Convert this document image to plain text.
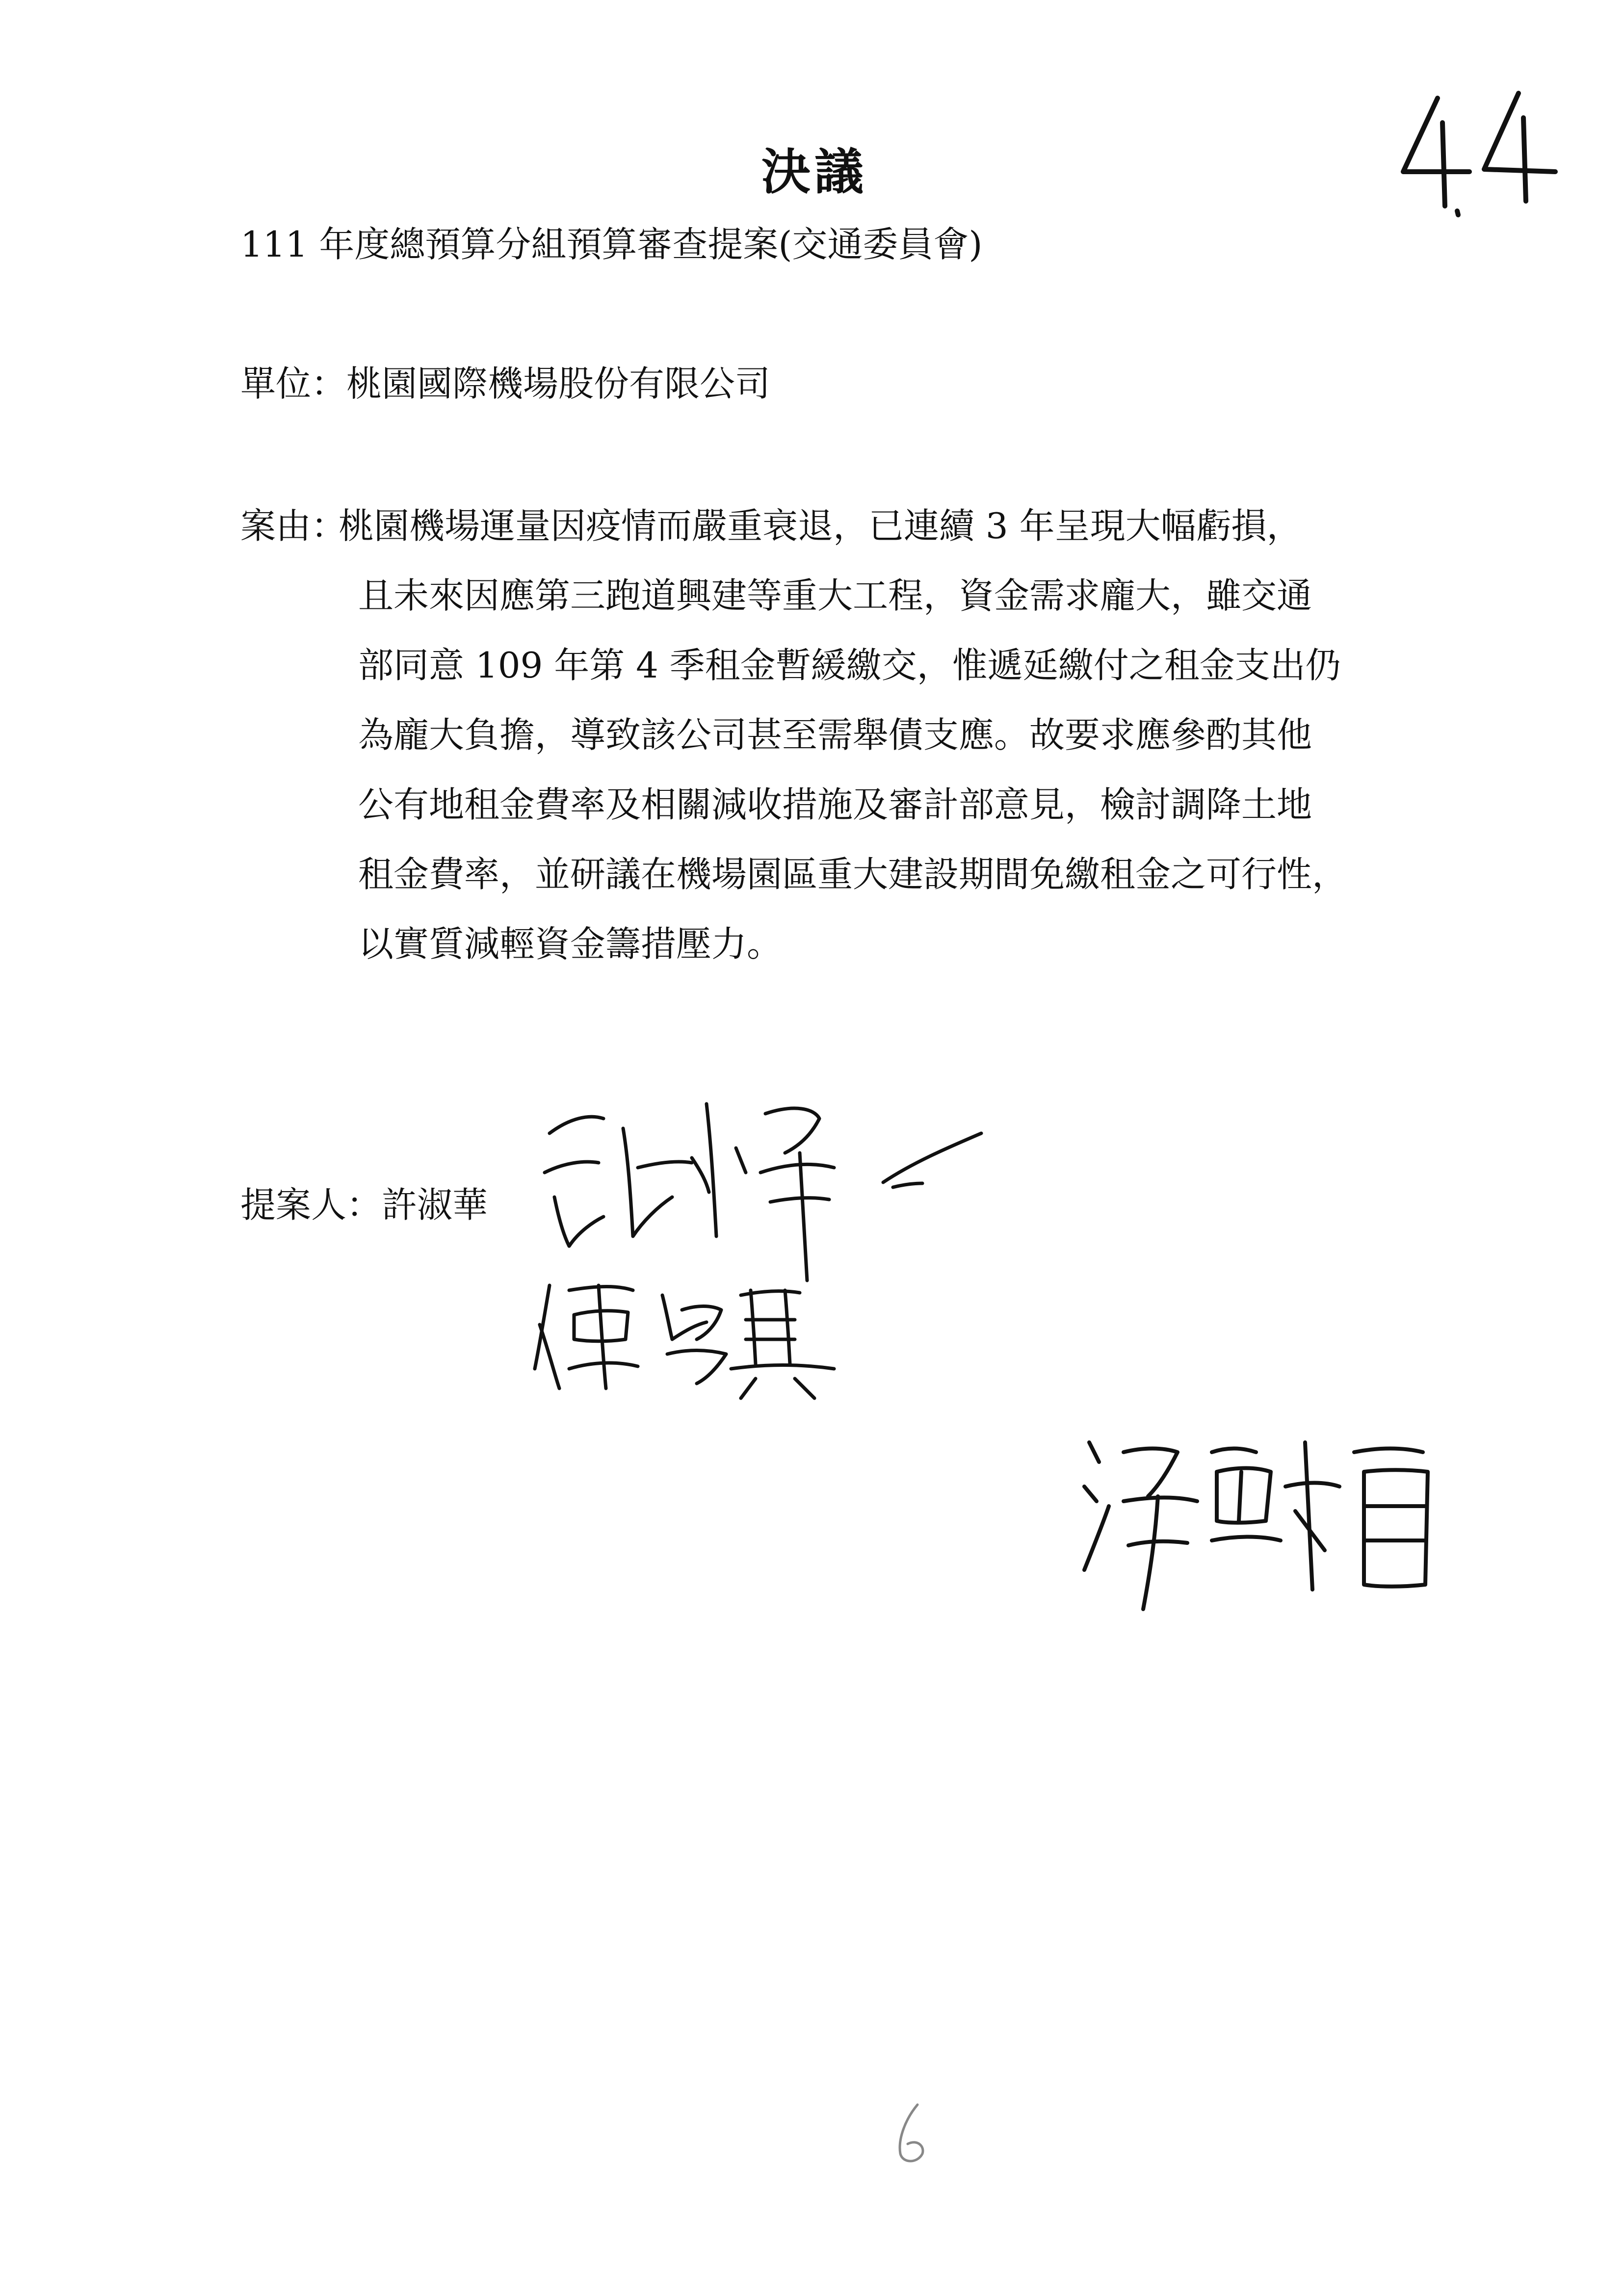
決議
111 年度總預算分組預算審查提案(交通委員會)
單位：桃園國際機場股份有限公司
案由：
桃園機場運量因疫情而嚴重衰退，已連續 3 年呈現大幅虧損，
且未來因應第三跑道興建等重大工程，資金需求龐大，雖交通
部同意 109 年第 4 季租金暫緩繳交，惟遞延繳付之租金支出仍
為龐大負擔，導致該公司甚至需舉債支應。故要求應參酌其他
公有地租金費率及相關減收措施及審計部意見，檢討調降土地
租金費率，並研議在機場園區重大建設期間免繳租金之可行性，
以實質減輕資金籌措壓力。
提案人：許淑華
